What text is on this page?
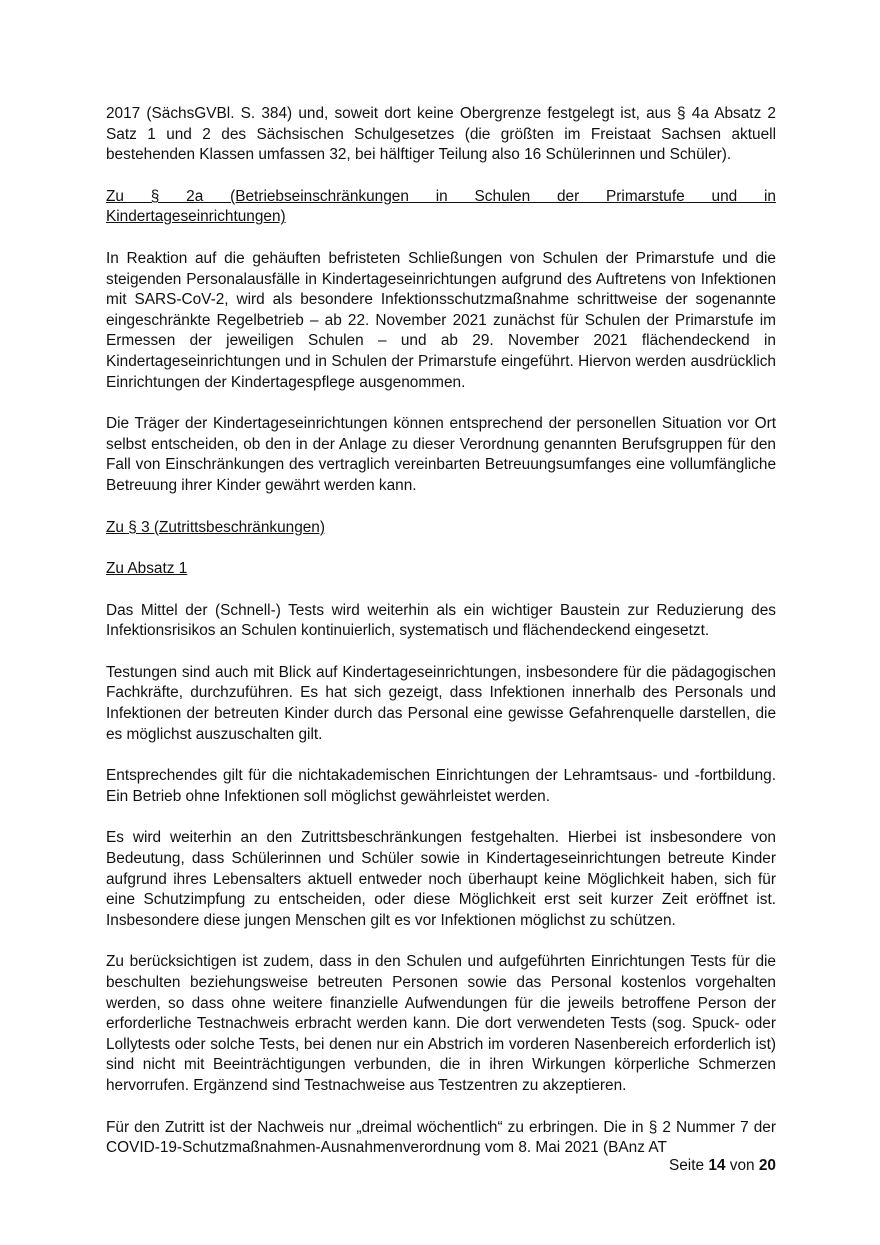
2017 (SächsGVBl. S. 384) und, soweit dort keine Obergrenze festgelegt ist, aus § 4a Absatz 2 Satz 1 und 2 des Sächsischen Schulgesetzes (die größten im Freistaat Sachsen aktuell bestehenden Klassen umfassen 32, bei hälftiger Teilung also 16 Schülerinnen und Schüler).

Zu § 2a (Betriebseinschränkungen in Schulen der Primarstufe und in
Kindertageseinrichtungen)

In Reaktion auf die gehäuften befristeten Schließungen von Schulen der Primarstufe und die steigenden Personalausfälle in Kindertageseinrichtungen aufgrund des Auftretens von Infektionen mit SARS-CoV-2, wird als besondere Infektionsschutzmaßnahme schrittweise der sogenannte eingeschränkte Regelbetrieb – ab 22. November 2021 zunächst für Schulen der Primarstufe im Ermessen der jeweiligen Schulen – und ab 29. November 2021 flächendeckend in Kindertageseinrichtungen und in Schulen der Primarstufe eingeführt. Hiervon werden ausdrücklich Einrichtungen der Kindertagespflege ausgenommen.

Die Träger der Kindertageseinrichtungen können entsprechend der personellen Situation vor Ort selbst entscheiden, ob den in der Anlage zu dieser Verordnung genannten Berufsgruppen für den Fall von Einschränkungen des vertraglich vereinbarten Betreuungsumfanges eine vollumfängliche Betreuung ihrer Kinder gewährt werden kann.

Zu § 3 (Zutrittsbeschränkungen)

Zu Absatz 1

Das Mittel der (Schnell-) Tests wird weiterhin als ein wichtiger Baustein zur Reduzierung des Infektionsrisikos an Schulen kontinuierlich, systematisch und flächendeckend eingesetzt.

Testungen sind auch mit Blick auf Kindertageseinrichtungen, insbesondere für die pädagogischen Fachkräfte, durchzuführen. Es hat sich gezeigt, dass Infektionen innerhalb des Personals und Infektionen der betreuten Kinder durch das Personal eine gewisse Gefahrenquelle darstellen, die es möglichst auszuschalten gilt.

Entsprechendes gilt für die nichtakademischen Einrichtungen der Lehramtsaus- und -fortbildung. Ein Betrieb ohne Infektionen soll möglichst gewährleistet werden.

Es wird weiterhin an den Zutrittsbeschränkungen festgehalten. Hierbei ist insbesondere von Bedeutung, dass Schülerinnen und Schüler sowie in Kindertageseinrichtungen betreute Kinder aufgrund ihres Lebensalters aktuell entweder noch überhaupt keine Möglichkeit haben, sich für eine Schutzimpfung zu entscheiden, oder diese Möglichkeit erst seit kurzer Zeit eröffnet ist. Insbesondere diese jungen Menschen gilt es vor Infektionen möglichst zu schützen.

Zu berücksichtigen ist zudem, dass in den Schulen und aufgeführten Einrichtungen Tests für die beschulten beziehungsweise betreuten Personen sowie das Personal kostenlos vorgehalten werden, so dass ohne weitere finanzielle Aufwendungen für die jeweils betroffene Person der erforderliche Testnachweis erbracht werden kann. Die dort verwendeten Tests (sog. Spuck- oder Lollytests oder solche Tests, bei denen nur ein Abstrich im vorderen Nasenbereich erforderlich ist) sind nicht mit Beeinträchtigungen verbunden, die in ihren Wirkungen körperliche Schmerzen hervorrufen. Ergänzend sind Testnachweise aus Testzentren zu akzeptieren.

Für den Zutritt ist der Nachweis nur „dreimal wöchentlich“ zu erbringen. Die in § 2 Nummer 7 der COVID-19-Schutzmaßnahmen-Ausnahmenverordnung vom 8. Mai 2021 (BAnz AT

Seite 14 von 20
